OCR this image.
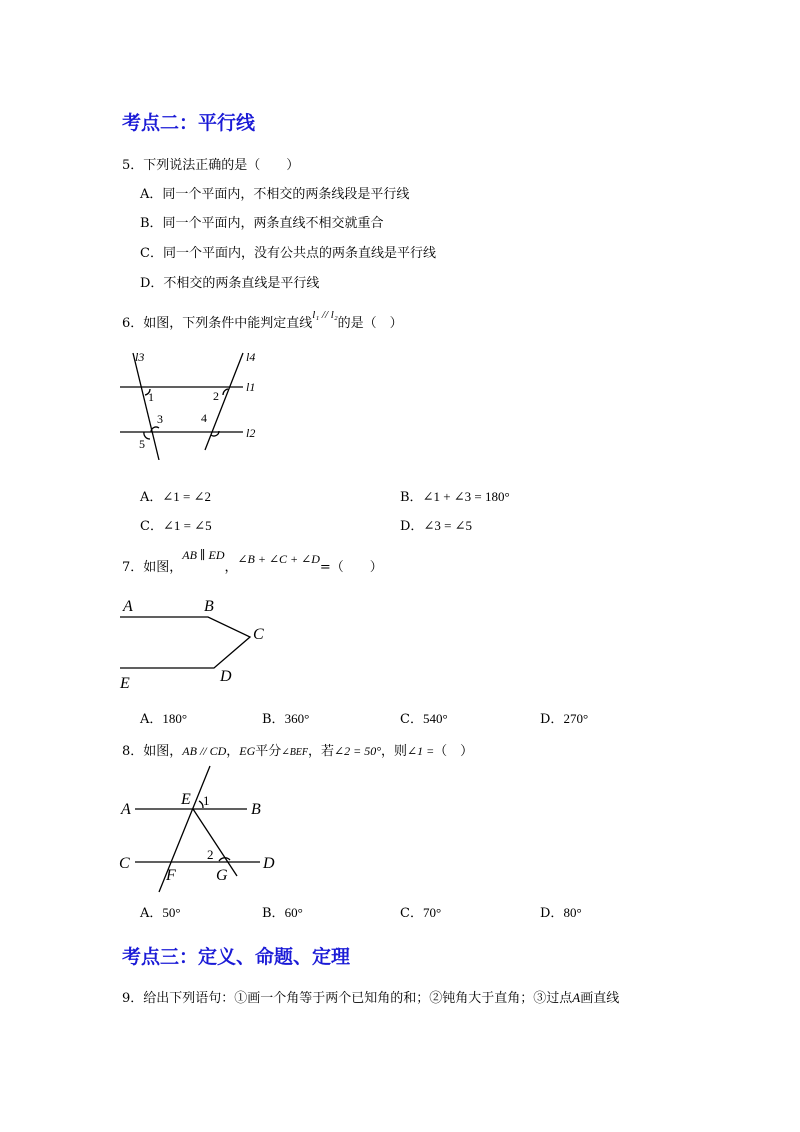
考点二：平行线
5．下列说法正确的是（　　）
A．同一个平面内，不相交的两条线段是平行线
B．同一个平面内，两条直线不相交就重合
C．同一个平面内，没有公共点的两条直线是平行线
D．不相交的两条直线是平行线
6．如图，下列条件中能判定直线$^{l_1 // l_2}$的是（　）
l3	l4
l1
l2
1	2
3	4
5
A．∠1 = ∠2	B．∠1 + ∠3 = 180°
C．∠1 = ∠5	D．∠3 = ∠5
7．如图，AB ∥ ED，∠B + ∠C + ∠D=（　　）
A	B
C
D
E
A．180°	B．360°	C．540°	D．270°
8．如图，AB // CD，EG平分∠BEF，若∠2 = 50°，则∠1 =（　）
A
E
B
C	D
F	G
1
2
A．50°	B．60°	C．70°	D．80°
考点三：定义、命题、定理
9．给出下列语句：①画一个角等于两个已知角的和；②钝角大于直角；③过点A画直线
